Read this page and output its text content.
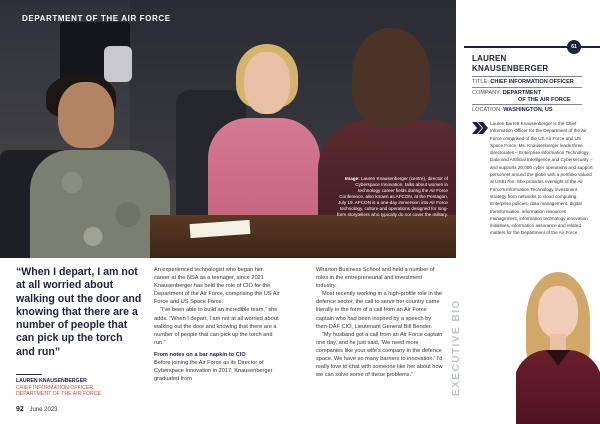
DEPARTMENT OF THE AIR FORCE
Image: Lauren Knausenberger (centre), director of Cyberspace Innovation, talks about women in technology career fields during the Air Force Conference, also known as AFCON, at the Pentagon, July 19. AFCON is a one-day immersion into Air Force technology, culture and operations designed for long-form storytellers who typically do not cover the military.
61
LAUREN
KNAUSENBERGER
TITLE: CHIEF INFORMATION OFFICER
COMPANY: DEPARTMENT
OF THE AIR FORCE
LOCATION: WASHINGTON, US
Lauren Barrett Knausenberger is the Chief Information Officer for the Department of the Air Force comprised of the US Air Force and US Space Force. Ms. Knausenberger leads three directorates – Enterprise Information Technology, Data and Artificial Intelligence and Cybersecurity – and supports 20,000 cyber operations and support personnel around the globe with a portfolio valued at US$17bn. She provides oversight of the Air Force's Information Technology investment strategy from networks to cloud computing. Enterprise policies, data management, digital transformation, information resources management, information technology innovation initiatives, information assurance and related matters for the Department of the Air Force.
“When I depart, I am not at all worried about walking out the door and knowing that there are a number of people that can pick up the torch and run”
LAUREN KNAUSENBERGER
CHIEF INFORMATION OFFICER,
DEPARTMENT OF THE AIR FORCE

An experienced technologist who began her career at the NSA as a teenager, since 2021 Knausenberger has held the role of CIO for the Department of the Air Force, comprising the US Air Force and US Space Force.

“I've been able to build an incredible team,” she adds. “When I depart, I am not at all worried about walking out the door and knowing that there are a number of people that can pick up the torch and run.”

From notes on a bar napkin to CIO

Before joining the Air Force as its Director of Cyberspace Innovation in 2017, Knausenberger graduated from

Wharton Business School and held a number of roles in the entrepreneurial and investment industry.

Most recently working in a high-profile role in the defence sector, the call to serve her country came literally in the form of a call from an Air Force captain who had been inspired by a speech by then-DAF CIO, Lieutenant General Bill Bender.

“My husband got a call from an Air Force captain one day, and he just said, 'We need more companies like your wife's company in the defence space. We have so many barriers to innovation.' I'd really love to chat with someone like her about how we can solve some of these problems.”

92 June 2023
EXECUTIVE BIO
